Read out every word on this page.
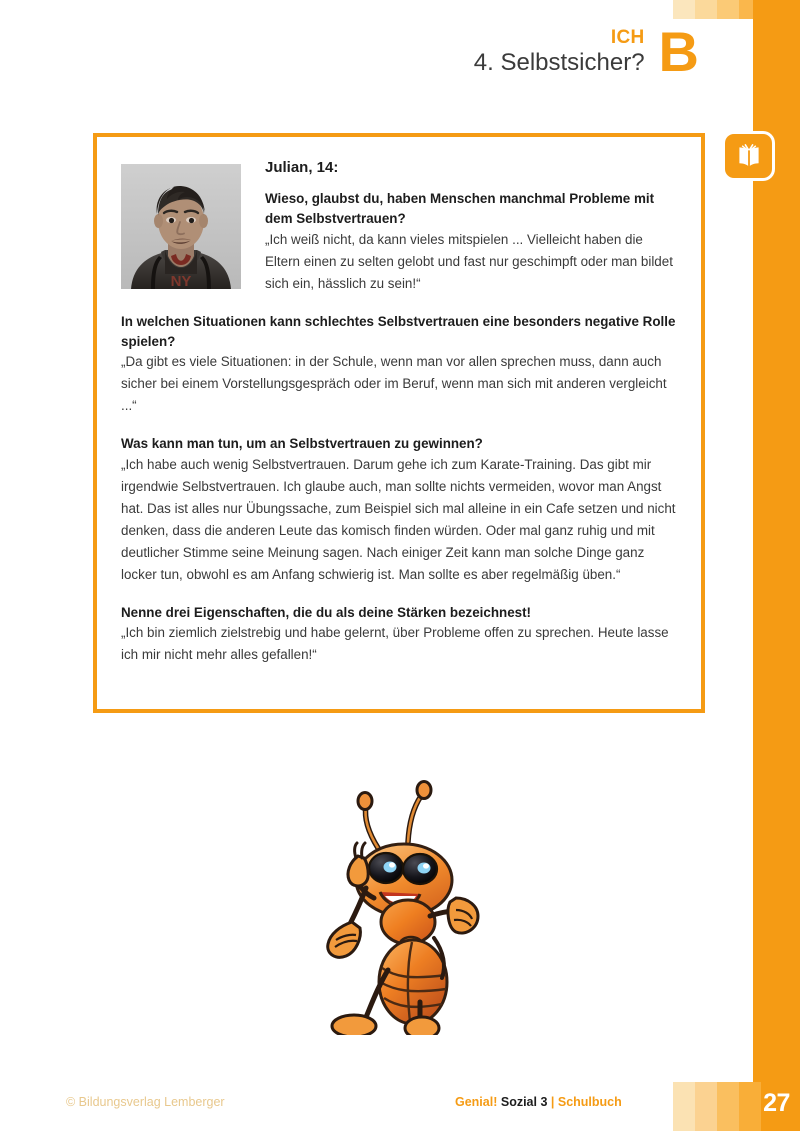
27
ICH
4. Selbstsicher? B
NY
Julian, 14:
Wieso, glaubst du, haben Menschen manchmal Probleme mit dem Selbstvertrauen?
„Ich weiß nicht, da kann vieles mitspielen ... Vielleicht haben die Eltern einen zu selten gelobt und fast nur geschimpft oder man bildet sich ein, hässlich zu sein!“
In welchen Situationen kann schlechtes Selbstvertrauen eine besonders negative Rolle spielen?
„Da gibt es viele Situationen: in der Schule, wenn man vor allen sprechen muss, dann auch sicher bei einem Vorstellungsgespräch oder im Beruf, wenn man sich mit anderen vergleicht ...“
Was kann man tun, um an Selbstvertrauen zu gewinnen?
„Ich habe auch wenig Selbstvertrauen. Darum gehe ich zum Karate-Training. Das gibt mir irgendwie Selbstvertrauen. Ich glaube auch, man sollte nichts vermeiden, wovor man Angst hat. Das ist alles nur Übungssache, zum Beispiel sich mal alleine in ein Cafe setzen und nicht denken, dass die anderen Leute das komisch finden würden. Oder mal ganz ruhig und mit deutlicher Stimme seine Meinung sagen. Nach einiger Zeit kann man solche Dinge ganz locker tun, obwohl es am Anfang schwierig ist. Man sollte es aber regelmäßig üben.“
Nenne drei Eigenschaften, die du als deine Stärken bezeichnest!
„Ich bin ziemlich zielstrebig und habe gelernt, über Probleme offen zu sprechen. Heute lasse ich mir nicht mehr alles gefallen!“
© Bildungsverlag Lemberger	Genial! Sozial 3 | Schulbuch
